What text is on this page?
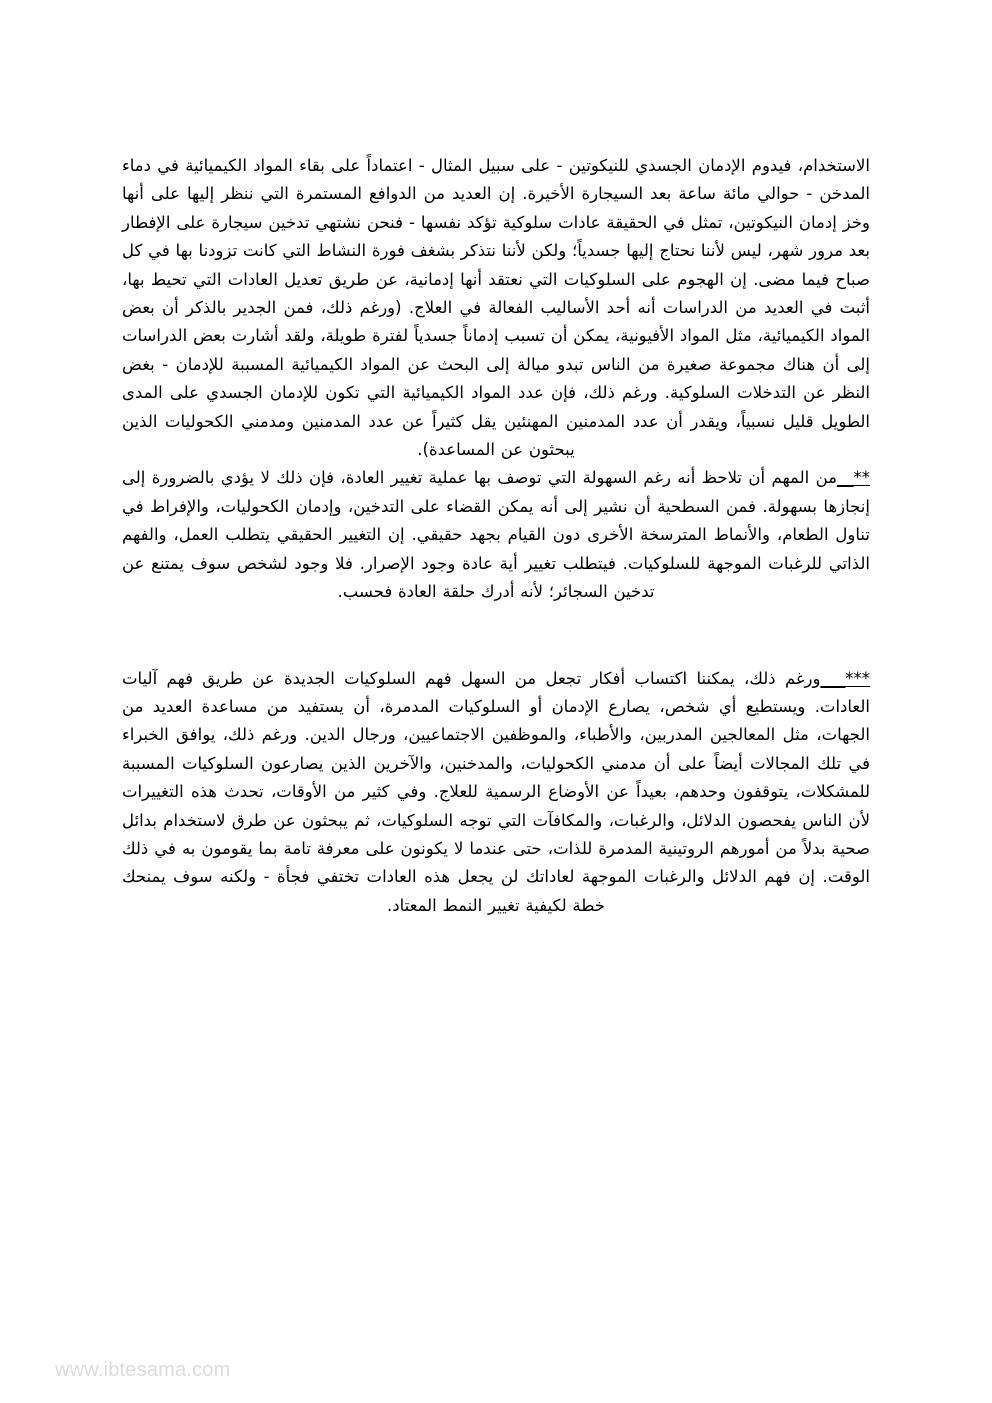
الاستخدام، فيدوم الإدمان الجسدي للنيكوتين - على سبيل المثال - اعتماداً على بقاء المواد الكيميائية في دماء المدخن - حوالي مائة ساعة بعد السيجارة الأخيرة. إن العديد من الدوافع المستمرة التي ننظر إليها على أنها وخز إدمان النيكوتين، تمثل في الحقيقة عادات سلوكية تؤكد نفسها - فنحن نشتهي تدخين سيجارة على الإفطار بعد مرور شهر، ليس لأننا نحتاج إليها جسدياً؛ ولكن لأننا نتذكر بشغف فورة النشاط التي كانت تزودنا بها في كل صباح فيما مضى. إن الهجوم على السلوكيات التي نعتقد أنها إدمانية، عن طريق تعديل العادات التي تحيط بها، أثبت في العديد من الدراسات أنه أحد الأساليب الفعالة في العلاج. (ورغم ذلك، فمن الجدير بالذكر أن بعض المواد الكيميائية، مثل المواد الأفيونية، يمكن أن تسبب إدماناً جسدياً لفترة طويلة، ولقد أشارت بعض الدراسات إلى أن هناك مجموعة صغيرة من الناس تبدو ميالة إلى البحث عن المواد الكيميائية المسببة للإدمان - بغض النظر عن التدخلات السلوكية. ورغم ذلك، فإن عدد المواد الكيميائية التي تكون للإدمان الجسدي على المدى الطويل قليل نسبياً، ويقدر أن عدد المدمنين المهنئين يقل كثيراً عن عدد المدمنين ومدمني الكحوليات الذين يبحثون عن المساعدة).

**__من المهم أن تلاحظ أنه رغم السهولة التي توصف بها عملية تغيير العادة، فإن ذلك لا يؤدي بالضرورة إلى إنجازها بسهولة. فمن السطحية أن نشير إلى أنه يمكن القضاء على التدخين، وإدمان الكحوليات، والإفراط في تناول الطعام، والأنماط المترسخة الأخرى دون القيام بجهد حقيقي. إن التغيير الحقيقي يتطلب العمل، والفهم الذاتي للرغبات الموجهة للسلوكيات. فيتطلب تغيير أية عادة وجود الإصرار. فلا وجود لشخص سوف يمتنع عن تدخين السجائر؛ لأنه أدرك حلقة العادة فحسب.

***___ورغم ذلك، يمكننا اكتساب أفكار تجعل من السهل فهم السلوكيات الجديدة عن طريق فهم آليات العادات. ويستطيع أي شخص، يصارع الإدمان أو السلوكيات المدمرة، أن يستفيد من مساعدة العديد من الجهات، مثل المعالجين المدربين، والأطباء، والموظفين الاجتماعيين، ورجال الدين. ورغم ذلك، يوافق الخبراء في تلك المجالات أيضاً على أن مدمني الكحوليات، والمدخنين، والآخرين الذين يصارعون السلوكيات المسببة للمشكلات، يتوقفون وحدهم، بعيداً عن الأوضاع الرسمية للعلاج. وفي كثير من الأوقات، تحدث هذه التغييرات لأن الناس يفحصون الدلائل، والرغبات، والمكافآت التي توجه السلوكيات، ثم يبحثون عن طرق لاستخدام بدائل صحية بدلاً من أمورهم الروتينية المدمرة للذات، حتى عندما لا يكونون على معرفة تامة بما يقومون به في ذلك الوقت. إن فهم الدلائل والرغبات الموجهة لعاداتك لن يجعل هذه العادات تختفي فجأة - ولكنه سوف يمنحك خطة لكيفية تغيير النمط المعتاد.

www.ibtesama.com
